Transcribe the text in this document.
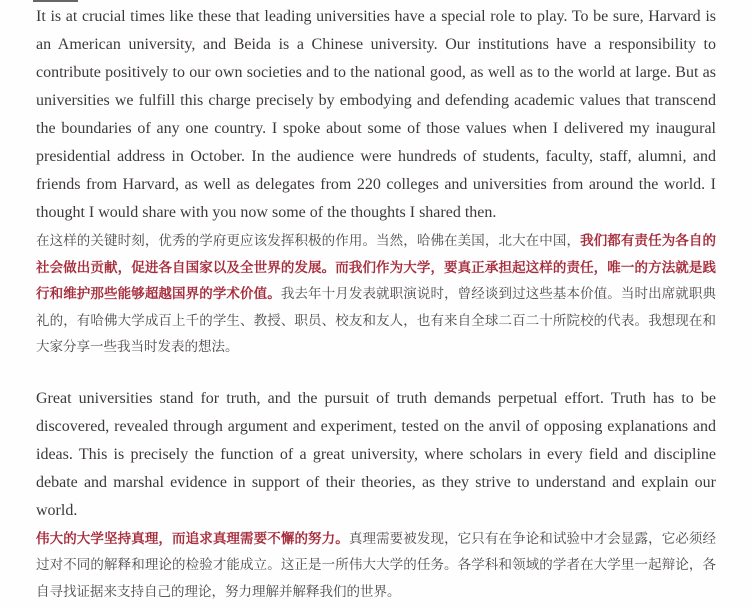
It is at crucial times like these that leading universities have a special role to play. To be sure, Harvard is an American university, and Beida is a Chinese university. Our institutions have a responsibility to contribute positively to our own societies and to the national good, as well as to the world at large. But as universities we fulfill this charge precisely by embodying and defending academic values that transcend the boundaries of any one country. I spoke about some of those values when I delivered my inaugural presidential address in October. In the audience were hundreds of students, faculty, staff, alumni, and friends from Harvard, as well as delegates from 220 colleges and universities from around the world. I thought I would share with you now some of the thoughts I shared then.

在这样的关键时刻，优秀的学府更应该发挥积极的作用。当然，哈佛在美国，北大在中国，我们都有责任为各自的社会做出贡献，促进各自国家以及全世界的发展。而我们作为大学，要真正承担起这样的责任，唯一的方法就是践行和维护那些能够超越国界的学术价值。我去年十月发表就职演说时，曾经谈到过这些基本价值。当时出席就职典礼的，有哈佛大学成百上千的学生、教授、职员、校友和友人，也有来自全球二百二十所院校的代表。我想现在和大家分享一些我当时发表的想法。

Great universities stand for truth, and the pursuit of truth demands perpetual effort. Truth has to be discovered, revealed through argument and experiment, tested on the anvil of opposing explanations and ideas. This is precisely the function of a great university, where scholars in every field and discipline debate and marshal evidence in support of their theories, as they strive to understand and explain our world.

伟大的大学坚持真理，而追求真理需要不懈的努力。真理需要被发现，它只有在争论和试验中才会显露，它必须经过对不同的解释和理论的检验才能成立。这正是一所伟大大学的任务。各学科和领域的学者在大学里一起辩论，各自寻找证据来支持自己的理论，努力理解并解释我们的世界。
